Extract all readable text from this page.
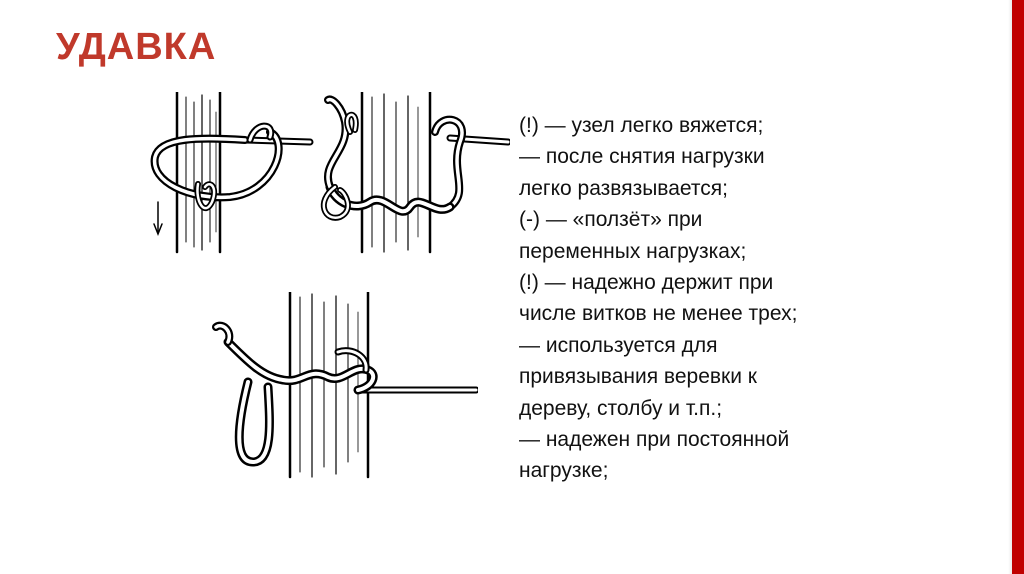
УДАВКА
(!) — узел легко вяжется;
— после снятия нагрузки
легко развязывается;
(-) — «ползёт» при
переменных нагрузках;
(!) — надежно держит при
числе витков не менее трех;
— используется для
привязывания веревки к
дереву, столбу и т.п.;
— надежен при постоянной
нагрузке;
